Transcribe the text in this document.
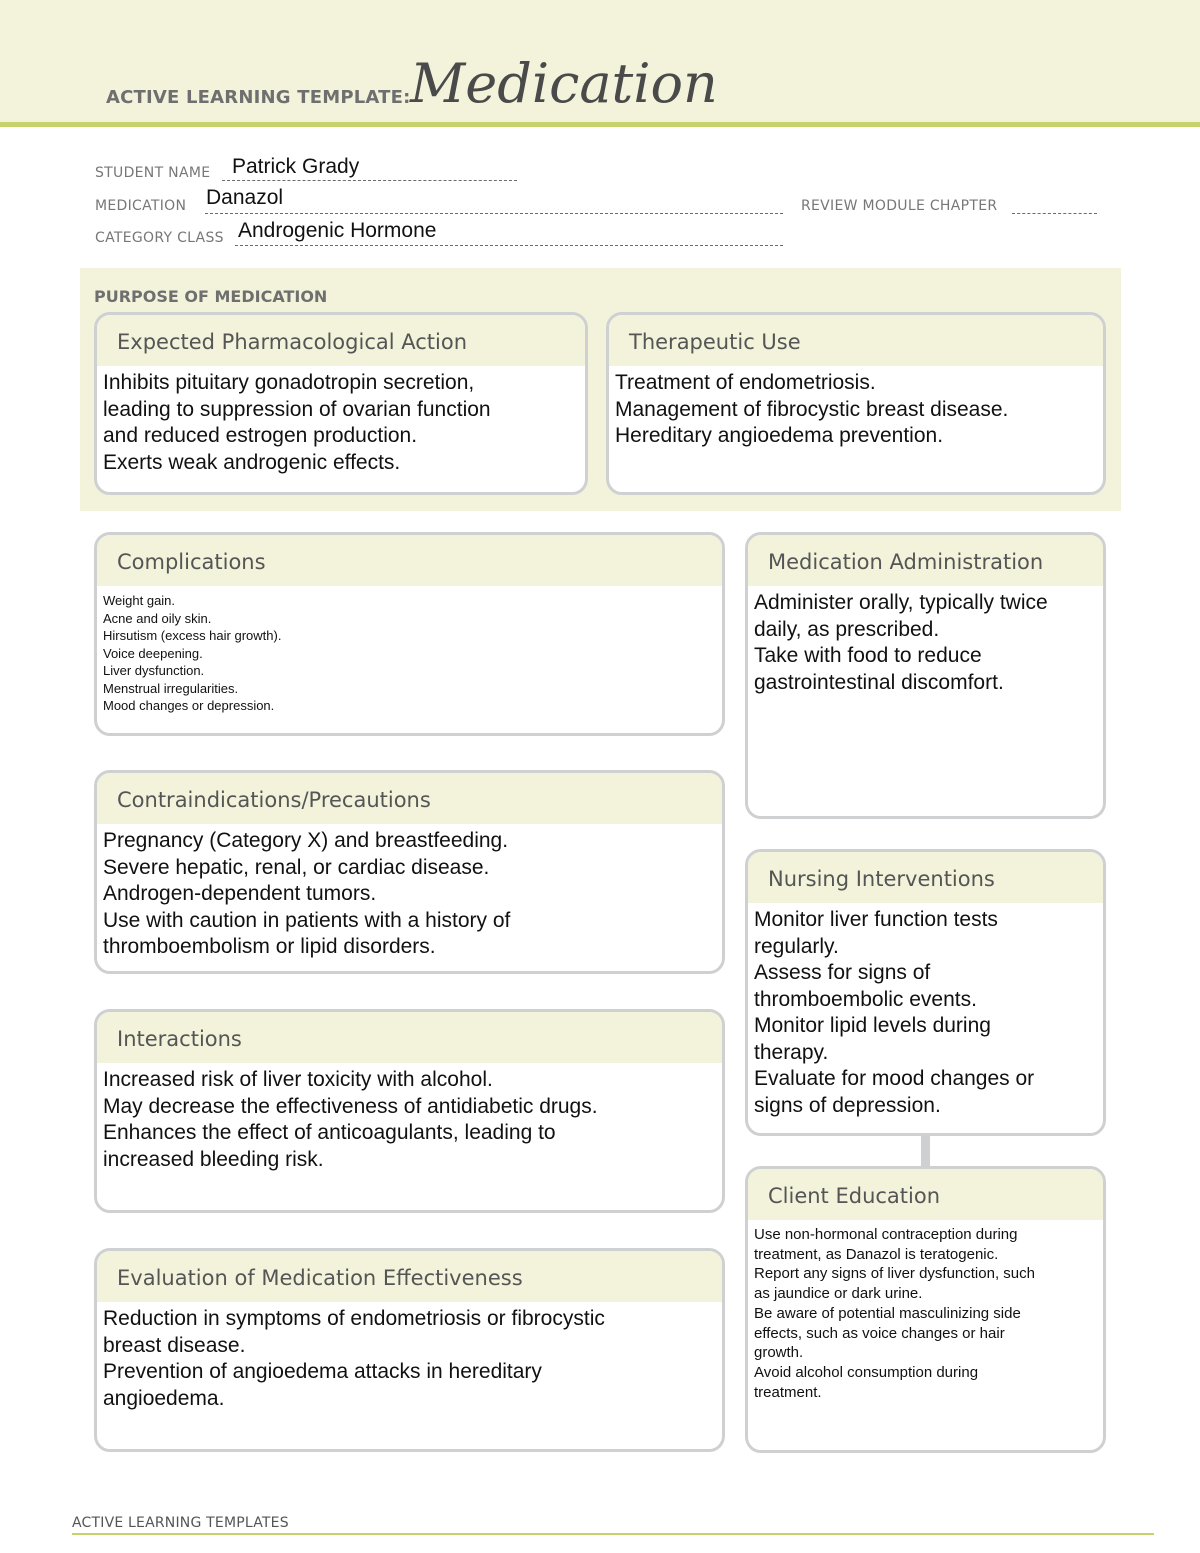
ACTIVE LEARNING TEMPLATE: Medication
STUDENT NAME Patrick Grady
MEDICATION Danazol	REVIEW MODULE CHAPTER
CATEGORY CLASS Androgenic Hormone
PURPOSE OF MEDICATION
Expected Pharmacological Action
Inhibits pituitary gonadotropin secretion,
leading to suppression of ovarian function
and reduced estrogen production.
Exerts weak androgenic effects.
Therapeutic Use
Treatment of endometriosis.
Management of fibrocystic breast disease.
Hereditary angioedema prevention.
Complications
Weight gain.
Acne and oily skin.
Hirsutism (excess hair growth).
Voice deepening.
Liver dysfunction.
Menstrual irregularities.
Mood changes or depression.
Medication Administration
Administer orally, typically twice
daily, as prescribed.
Take with food to reduce
gastrointestinal discomfort.
Contraindications/Precautions
Pregnancy (Category X) and breastfeeding.
Severe hepatic, renal, or cardiac disease.
Androgen-dependent tumors.
Use with caution in patients with a history of
thromboembolism or lipid disorders.
Nursing Interventions
Monitor liver function tests
regularly.
Assess for signs of
thromboembolic events.
Monitor lipid levels during
therapy.
Evaluate for mood changes or
signs of depression.
Interactions
Increased risk of liver toxicity with alcohol.
May decrease the effectiveness of antidiabetic drugs.
Enhances the effect of anticoagulants, leading to
increased bleeding risk.
Client Education
Use non-hormonal contraception during
treatment, as Danazol is teratogenic.
Report any signs of liver dysfunction, such
as jaundice or dark urine.
Be aware of potential masculinizing side
effects, such as voice changes or hair
growth.
Avoid alcohol consumption during
treatment.
Evaluation of Medication Effectiveness
Reduction in symptoms of endometriosis or fibrocystic
breast disease.
Prevention of angioedema attacks in hereditary
angioedema.
ACTIVE LEARNING TEMPLATES
